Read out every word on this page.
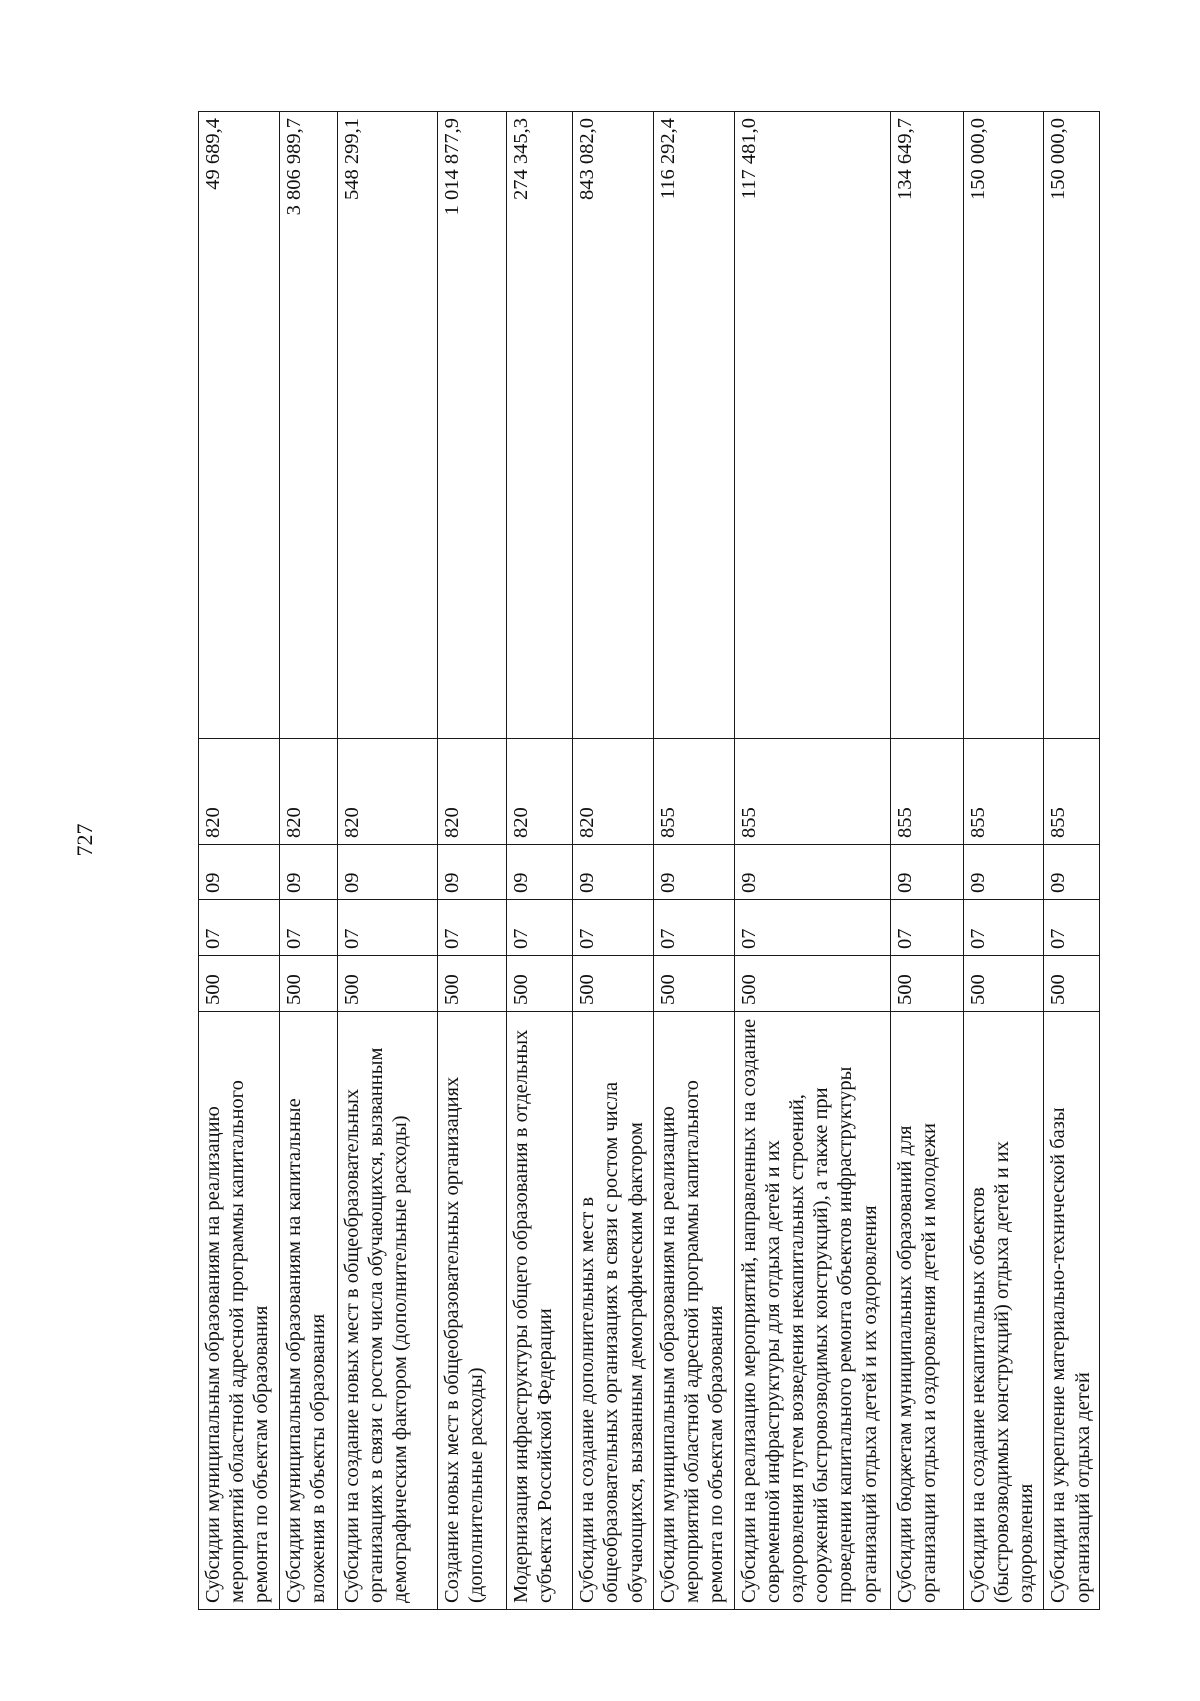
727
Субсидии муниципальным образованиям на реализацию мероприятий областной адресной программы капитального ремонта по объектам образования	500	07	09	820	49 689,4
Субсидии муниципальным образованиям на капитальные вложения в объекты образования	500	07	09	820	3 806 989,7
Субсидии на создание новых мест в общеобразовательных организациях в связи с ростом числа обучающихся, вызванным демографическим фактором (дополнительные расходы)	500	07	09	820	548 299,1
Создание новых мест в общеобразовательных организациях (дополнительные расходы)	500	07	09	820	1 014 877,9
Модернизация инфраструктуры общего образования в отдельных субъектах Российской Федерации	500	07	09	820	274 345,3
Субсидии на создание дополнительных мест в общеобразовательных организациях в связи с ростом числа обучающихся, вызванным демографическим фактором	500	07	09	820	843 082,0
Субсидии муниципальным образованиям на реализацию мероприятий областной адресной программы капитального ремонта по объектам образования	500	07	09	855	116 292,4
Субсидии на реализацию мероприятий, направленных на создание современной инфраструктуры для отдыха детей и их оздоровления путем возведения некапитальных строений, сооружений быстровозводимых конструкций), а также при проведении капитального ремонта объектов инфраструктуры организаций отдыха детей и их оздоровления	500	07	09	855	117 481,0
Субсидии бюджетам муниципальных образований для организации отдыха и оздоровления детей и молодежи	500	07	09	855	134 649,7
Субсидии на создание некапитальных объектов (быстровозводимых конструкций) отдыха детей и их оздоровления	500	07	09	855	150 000,0
Субсидии на укрепление материально-технической базы организаций отдыха детей	500	07	09	855	150 000,0
